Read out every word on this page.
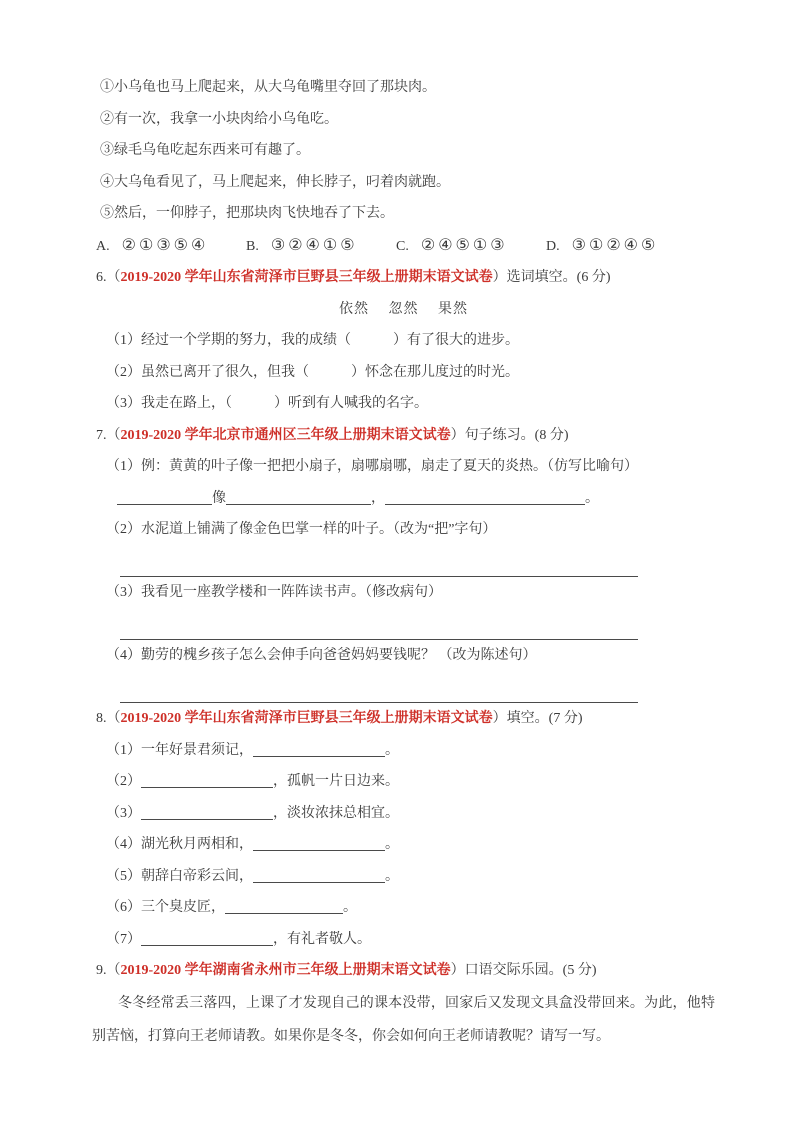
①小乌龟也马上爬起来，从大乌龟嘴里夺回了那块肉。

②有一次，我拿一小块肉给小乌龟吃。

③绿毛乌龟吃起东西来可有趣了。

④大乌龟看见了，马上爬起来，伸长脖子，叼着肉就跑。

⑤然后，一仰脖子，把那块肉飞快地吞了下去。

A. ②①③⑤④	B. ③②④①⑤	C. ②④⑤①③	D. ③①②④⑤

6.（2019-2020 学年山东省菏泽市巨野县三年级上册期末语文试卷）选词填空。(6 分)

依然　 忽然　 果然

（1）经过一个学期的努力，我的成绩（　　　）有了很大的进步。

（2）虽然已离开了很久，但我（　　　）怀念在那儿度过的时光。

（3）我走在路上，（　　　）听到有人喊我的名字。

7.（2019-2020 学年北京市通州区三年级上册期末语文试卷）句子练习。(8 分)

（1）例：黄黄的叶子像一把把小扇子，扇哪扇哪，扇走了夏天的炎热。（仿写比喻句）

像	，	。

（2）水泥道上铺满了像金色巴掌一样的叶子。（改为“把”字句）

（3）我看见一座教学楼和一阵阵读书声。（修改病句）

（4）勤劳的槐乡孩子怎么会伸手向爸爸妈妈要钱呢？ （改为陈述句）

8.（2019-2020 学年山东省菏泽市巨野县三年级上册期末语文试卷）填空。(7 分)

（1）一年好景君须记，	。

（2）	，孤帆一片日边来。

（3）	，淡妆浓抹总相宜。

（4）湖光秋月两相和，	。

（5）朝辞白帝彩云间，	。

（6）三个臭皮匠，	。

（7）	，有礼者敬人。

9.（2019-2020 学年湖南省永州市三年级上册期末语文试卷）口语交际乐园。(5 分)

冬冬经常丢三落四，上课了才发现自己的课本没带，回家后又发现文具盒没带回来。为此，他特别苦恼，打算向王老师请教。如果你是冬冬，你会如何向王老师请教呢？请写一写。
